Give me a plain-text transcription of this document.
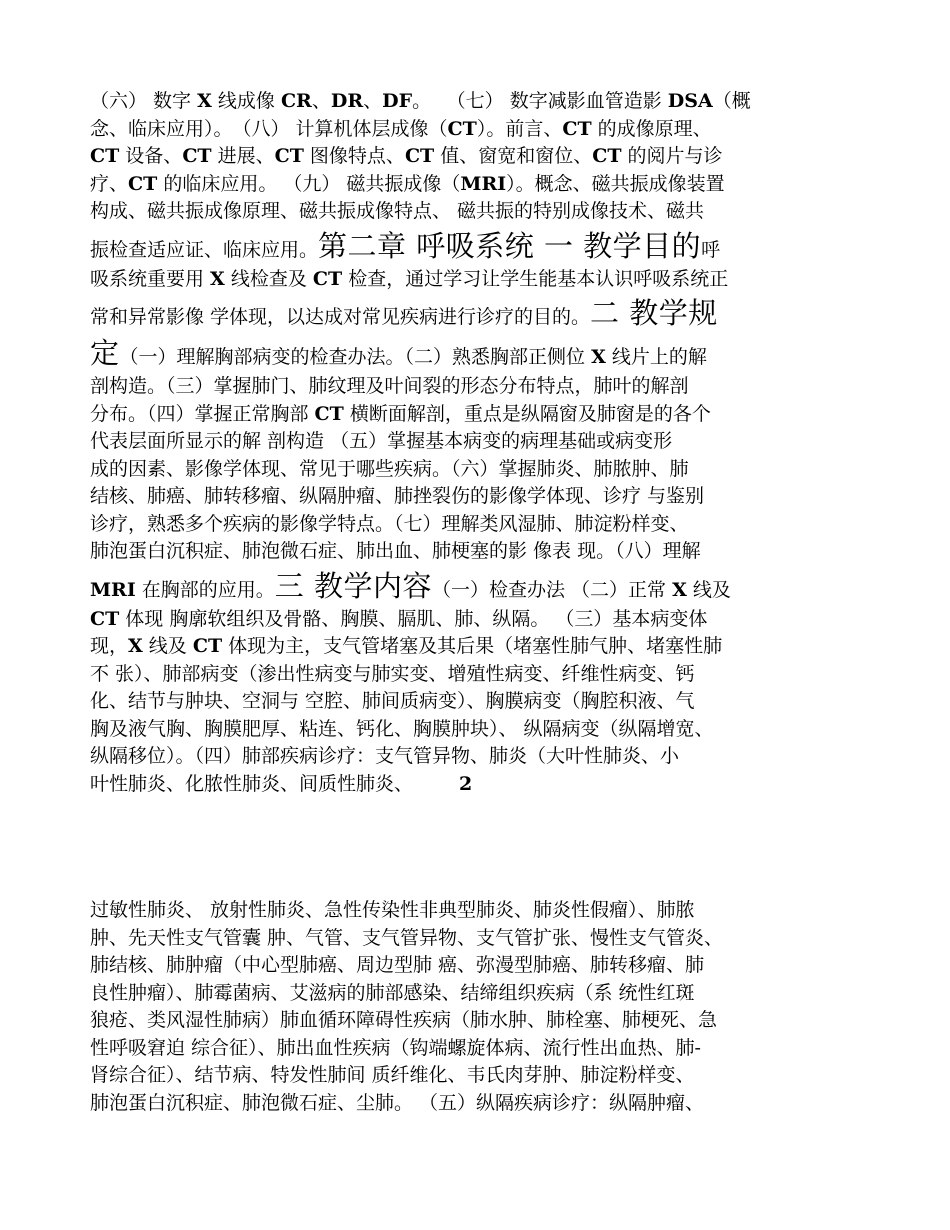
（六） 数字 X 线成像 CR、DR、DF。　 （七） 数字减影血管造影 DSA（概
念、临床应用）。　（八） 计算机体层成像（CT）。前言、CT 的成像原理、
CT 设备、CT 进展、CT 图像特点、CT 值、窗宽和窗位、CT 的阅片与诊
疗、CT 的临床应用。 （九） 磁共振成像（MRI）。概念、磁共振成像装置
构成、磁共振成像原理、磁共振成像特点、 磁共振的特别成像技术、磁共
振检查适应证、临床应用。第二章 呼吸系统 一 教学目的呼
吸系统重要用 X 线检查及 CT 检查，通过学习让学生能基本认识呼吸系统正
常和异常影像 学体现，以达成对常见疾病进行诊疗的目的。二 教学规
定（一）理解胸部病变的检查办法。（二）熟悉胸部正侧位 X 线片上的解
剖构造。（三）掌握肺门、肺纹理及叶间裂的形态分布特点，肺叶的解剖
分布。（四）掌握正常胸部 CT 横断面解剖，重点是纵隔窗及肺窗是的各个
代表层面所显示的解 剖构造 （五）掌握基本病变的病理基础或病变形
成的因素、影像学体现、常见于哪些疾病。（六）掌握肺炎、肺脓肿、肺
结核、肺癌、肺转移瘤、纵隔肿瘤、肺挫裂伤的影像学体现、诊疗 与鉴别
诊疗，熟悉多个疾病的影像学特点。（七）理解类风湿肺、肺淀粉样变、
肺泡蛋白沉积症、肺泡微石症、肺出血、肺梗塞的影 像表 现。（八）理解
MRI 在胸部的应用。三 教学内容（一）检查办法 （二）正常 X 线及
CT 体现 胸廓软组织及骨骼、胸膜、膈肌、肺、纵隔。 （三）基本病变体
现，X 线及 CT 体现为主，支气管堵塞及其后果（堵塞性肺气肿、堵塞性肺
不 张）、肺部病变（渗出性病变与肺实变、增殖性病变、纤维性病变、钙
化、结节与肿块、空洞与 空腔、肺间质病变）、胸膜病变（胸腔积液、气
胸及液气胸、胸膜肥厚、粘连、钙化、胸膜肿块）、 纵隔病变（纵隔增宽、
纵隔移位）。（四）肺部疾病诊疗：支气管异物、肺炎（大叶性肺炎、小
叶性肺炎、化脓性肺炎、间质性肺炎、 2
过敏性肺炎、 放射性肺炎、急性传染性非典型肺炎、肺炎性假瘤）、肺脓
肿、先天性支气管囊 肿、气管、支气管异物、支气管扩张、慢性支气管炎、
肺结核、肺肿瘤（中心型肺癌、周边型肺 癌、弥漫型肺癌、肺转移瘤、肺
良性肿瘤）、肺霉菌病、艾滋病的肺部感染、结缔组织疾病（系 统性红斑
狼疮、类风湿性肺病）肺血循环障碍性疾病（肺水肿、肺栓塞、肺梗死、急
性呼吸窘迫 综合征）、肺出血性疾病（钩端螺旋体病、流行性出血热、肺-
肾综合征）、结节病、特发性肺间 质纤维化、韦氏肉芽肿、肺淀粉样变、
肺泡蛋白沉积症、肺泡微石症、尘肺。 （五）纵隔疾病诊疗：纵隔肿瘤、
